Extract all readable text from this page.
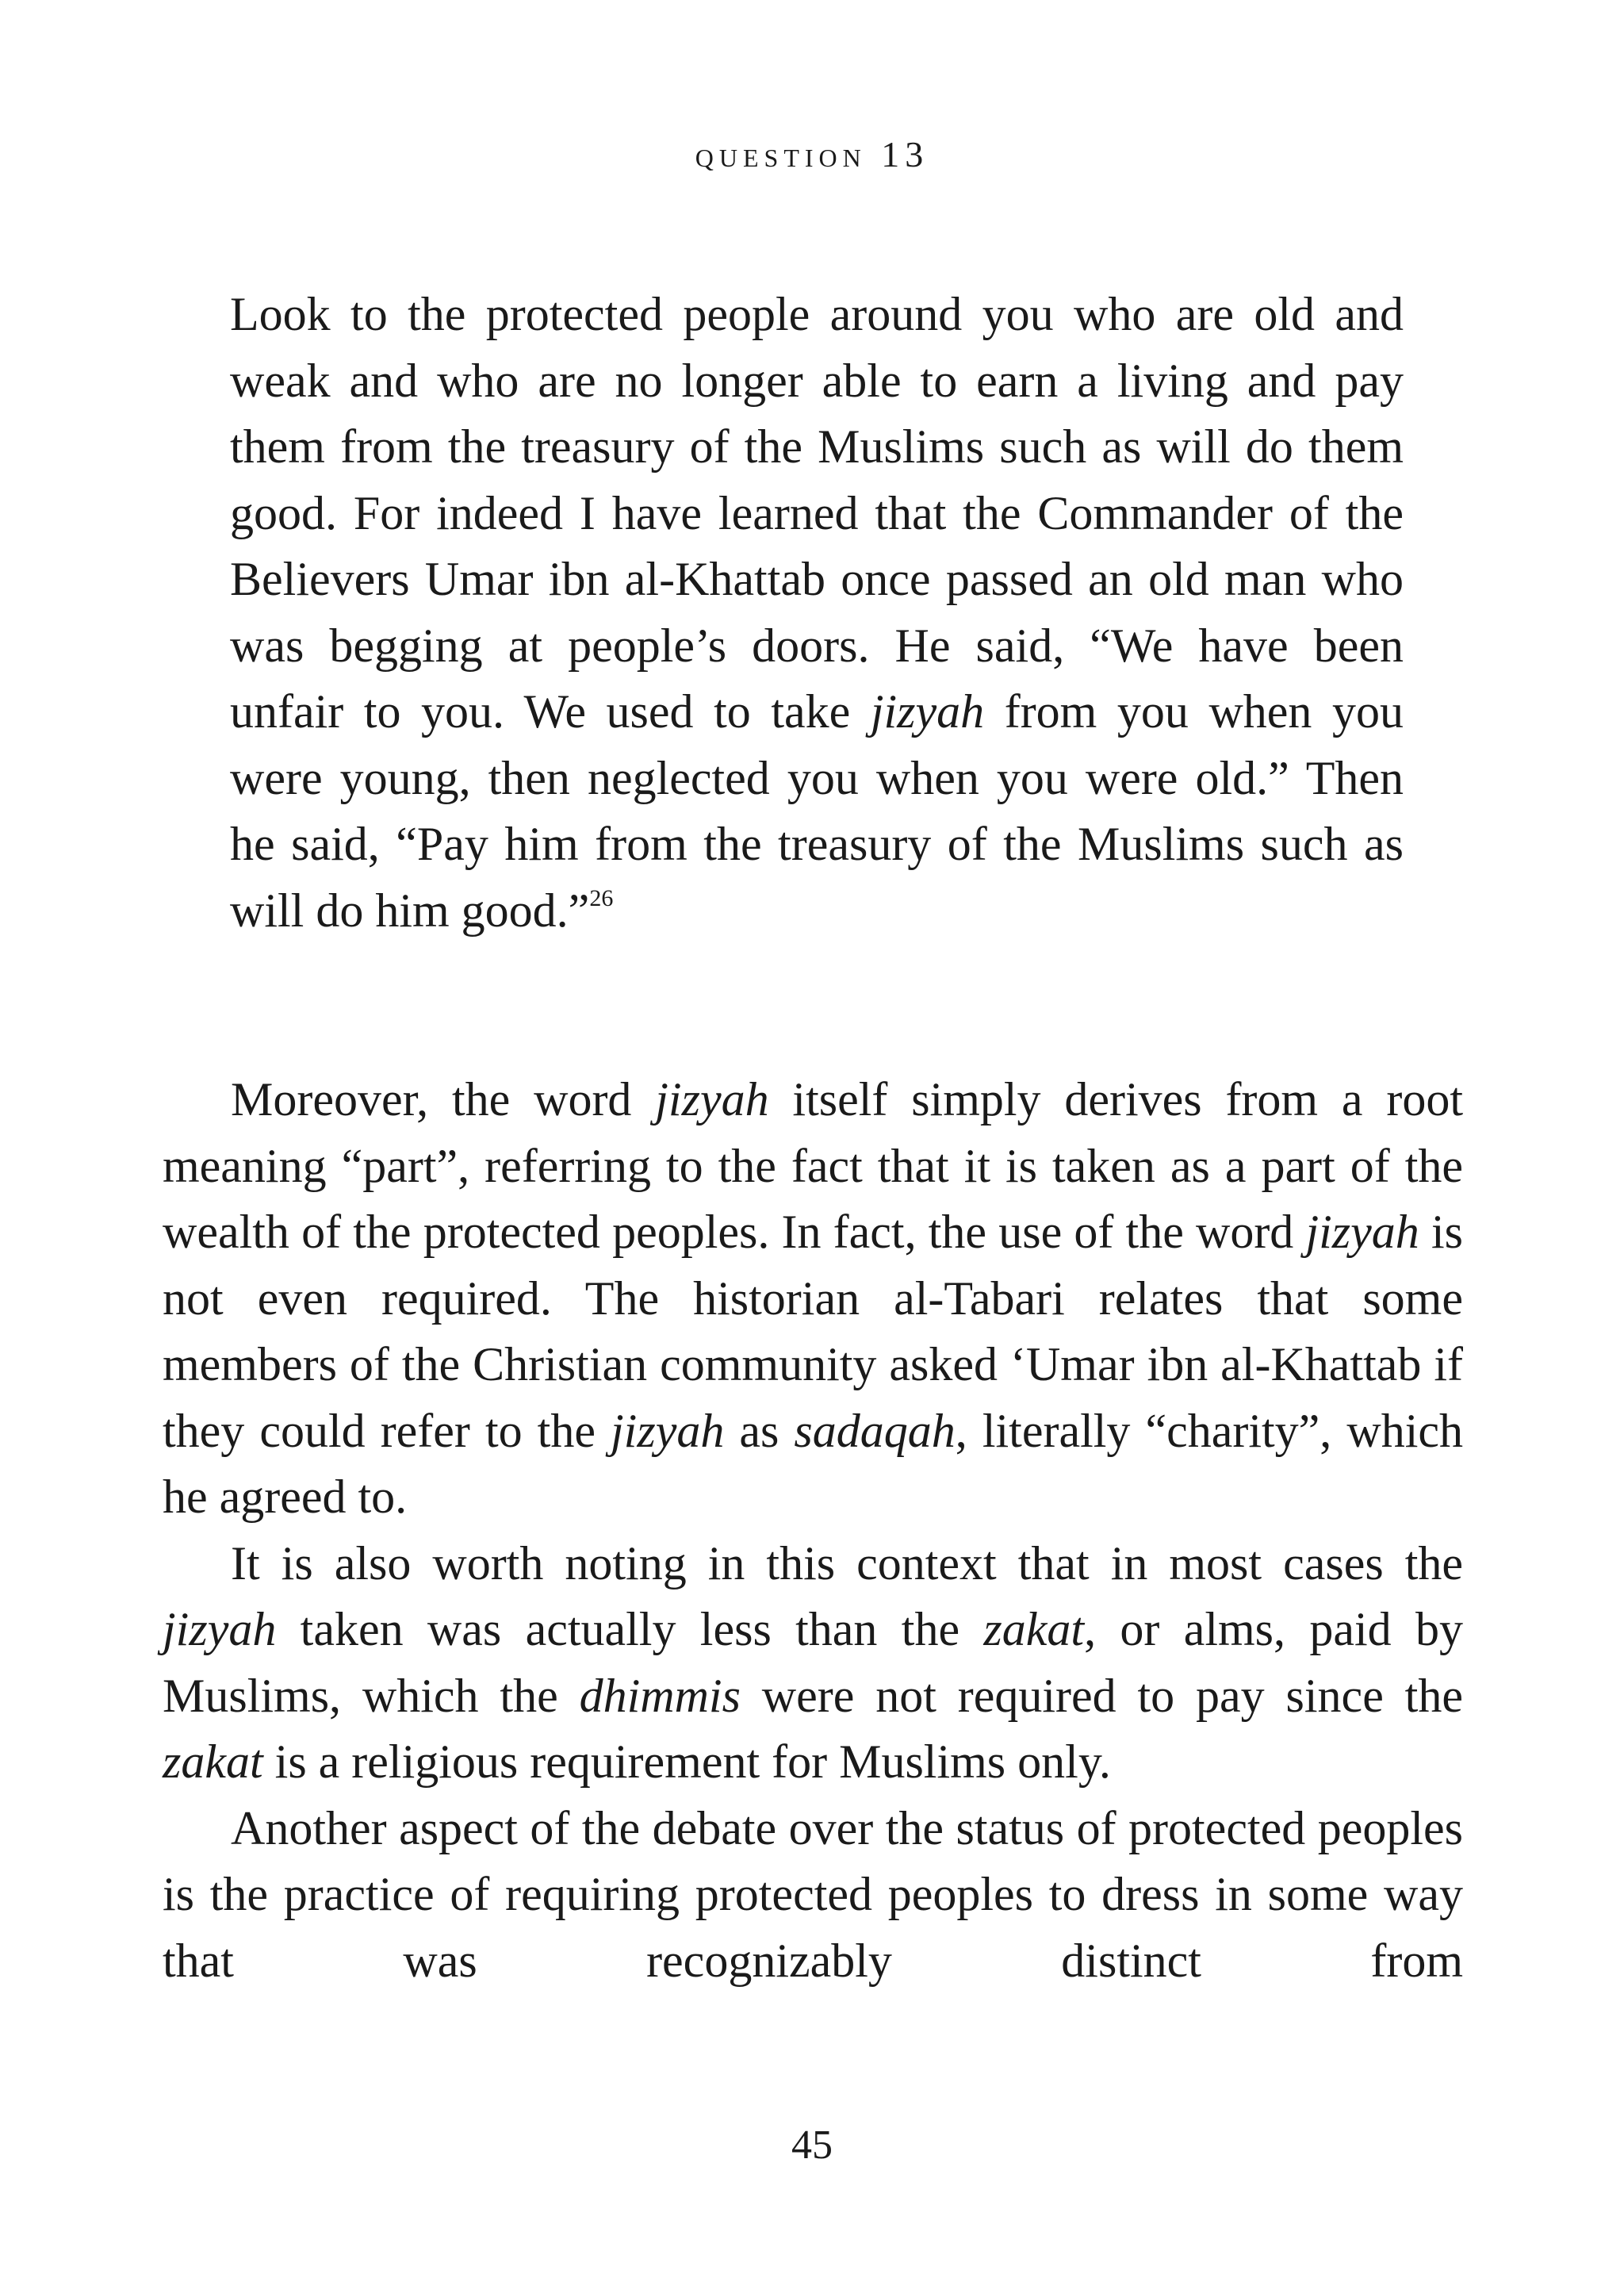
question 13

Look to the protected people around you who are old and weak and who are no longer able to earn a living and pay them from the treasury of the Muslims such as will do them good. For indeed I have learned that the Commander of the Believers Umar ibn al-Khattab once passed an old man who was begging at people’s doors. He said, “We have been unfair to you. We used to take jizyah from you when you were young, then neglected you when you were old.” Then he said, “Pay him from the treasury of the Muslims such as will do him good.”$^{26}$

Moreover, the word jizyah itself simply derives from a root meaning “part”, referring to the fact that it is taken as a part of the wealth of the protected peoples. In fact, the use of the word jizyah is not even required. The historian al-Tabari relates that some members of the Christian community asked ‘Umar ibn al-Khattab if they could refer to the jizyah as sadaqah, literally “charity”, which he agreed to.

It is also worth noting in this context that in most cases the jizyah taken was actually less than the zakat, or alms, paid by Muslims, which the dhimmis were not required to pay since the zakat is a religious requirement for Muslims only.

Another aspect of the debate over the status of protected peoples is the practice of requiring protected peoples to dress in some way that was recognizably distinct from

45
